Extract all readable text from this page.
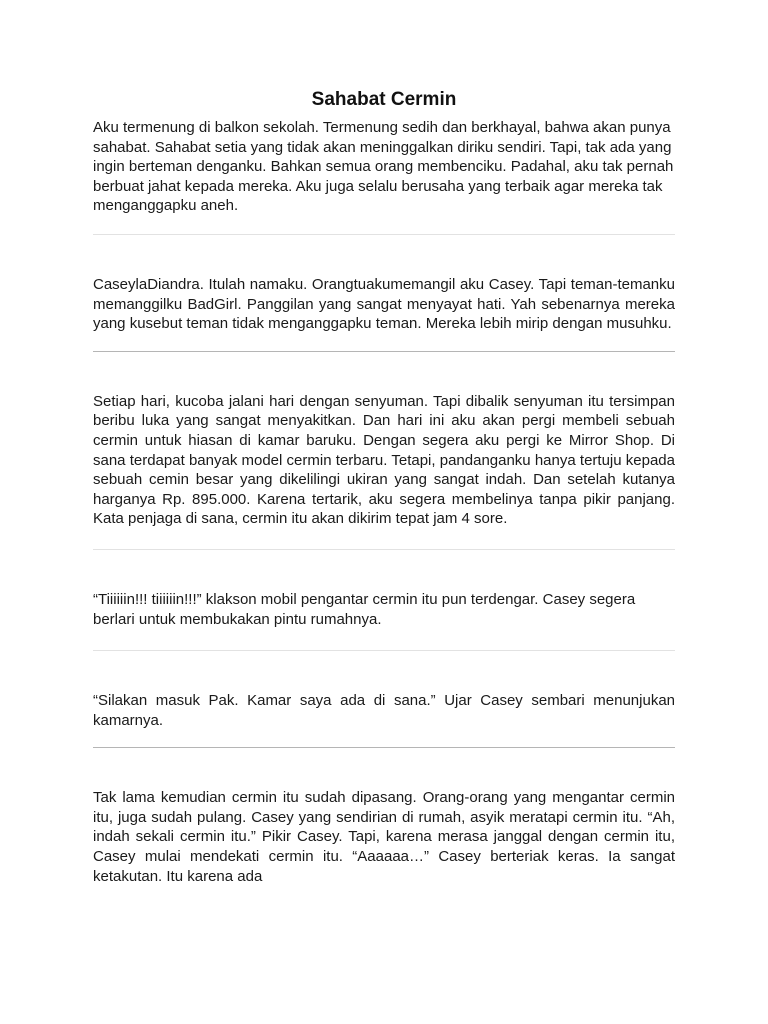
Sahabat Cermin

Aku termenung di balkon sekolah. Termenung sedih dan berkhayal, bahwa akan punya sahabat. Sahabat setia yang tidak akan meninggalkan diriku sendiri. Tapi, tak ada yang ingin berteman denganku. Bahkan semua orang membenciku. Padahal, aku tak pernah berbuat jahat kepada mereka. Aku juga selalu berusaha yang terbaik agar mereka tak menganggapku aneh.

CaseylaDiandra. Itulah namaku. Orangtuakumemangil aku Casey. Tapi teman-temanku memanggilku BadGirl. Panggilan yang sangat menyayat hati. Yah sebenarnya mereka yang kusebut teman tidak menganggapku teman. Mereka lebih mirip dengan musuhku.

Setiap hari, kucoba jalani hari dengan senyuman. Tapi dibalik senyuman itu tersimpan beribu luka yang sangat menyakitkan. Dan hari ini aku akan pergi membeli sebuah cermin untuk hiasan di kamar baruku. Dengan segera aku pergi ke Mirror Shop. Di sana terdapat banyak model cermin terbaru. Tetapi, pandanganku hanya tertuju kepada sebuah cemin besar yang dikelilingi ukiran yang sangat indah. Dan setelah kutanya harganya Rp. 895.000. Karena tertarik, aku segera membelinya tanpa pikir panjang. Kata penjaga di sana, cermin itu akan dikirim tepat jam 4 sore.

“Tiiiiiin!!! tiiiiiin!!!” klakson mobil pengantar cermin itu pun terdengar. Casey segera berlari untuk membukakan pintu rumahnya.

“Silakan masuk Pak. Kamar saya ada di sana.” Ujar Casey sembari menunjukan kamarnya.

Tak lama kemudian cermin itu sudah dipasang. Orang-orang yang mengantar cermin itu, juga sudah pulang. Casey yang sendirian di rumah, asyik meratapi cermin itu. “Ah, indah sekali cermin itu.” Pikir Casey. Tapi, karena merasa janggal dengan cermin itu, Casey mulai mendekati cermin itu. “Aaaaaa…” Casey berteriak keras. Ia sangat ketakutan. Itu karena ada
